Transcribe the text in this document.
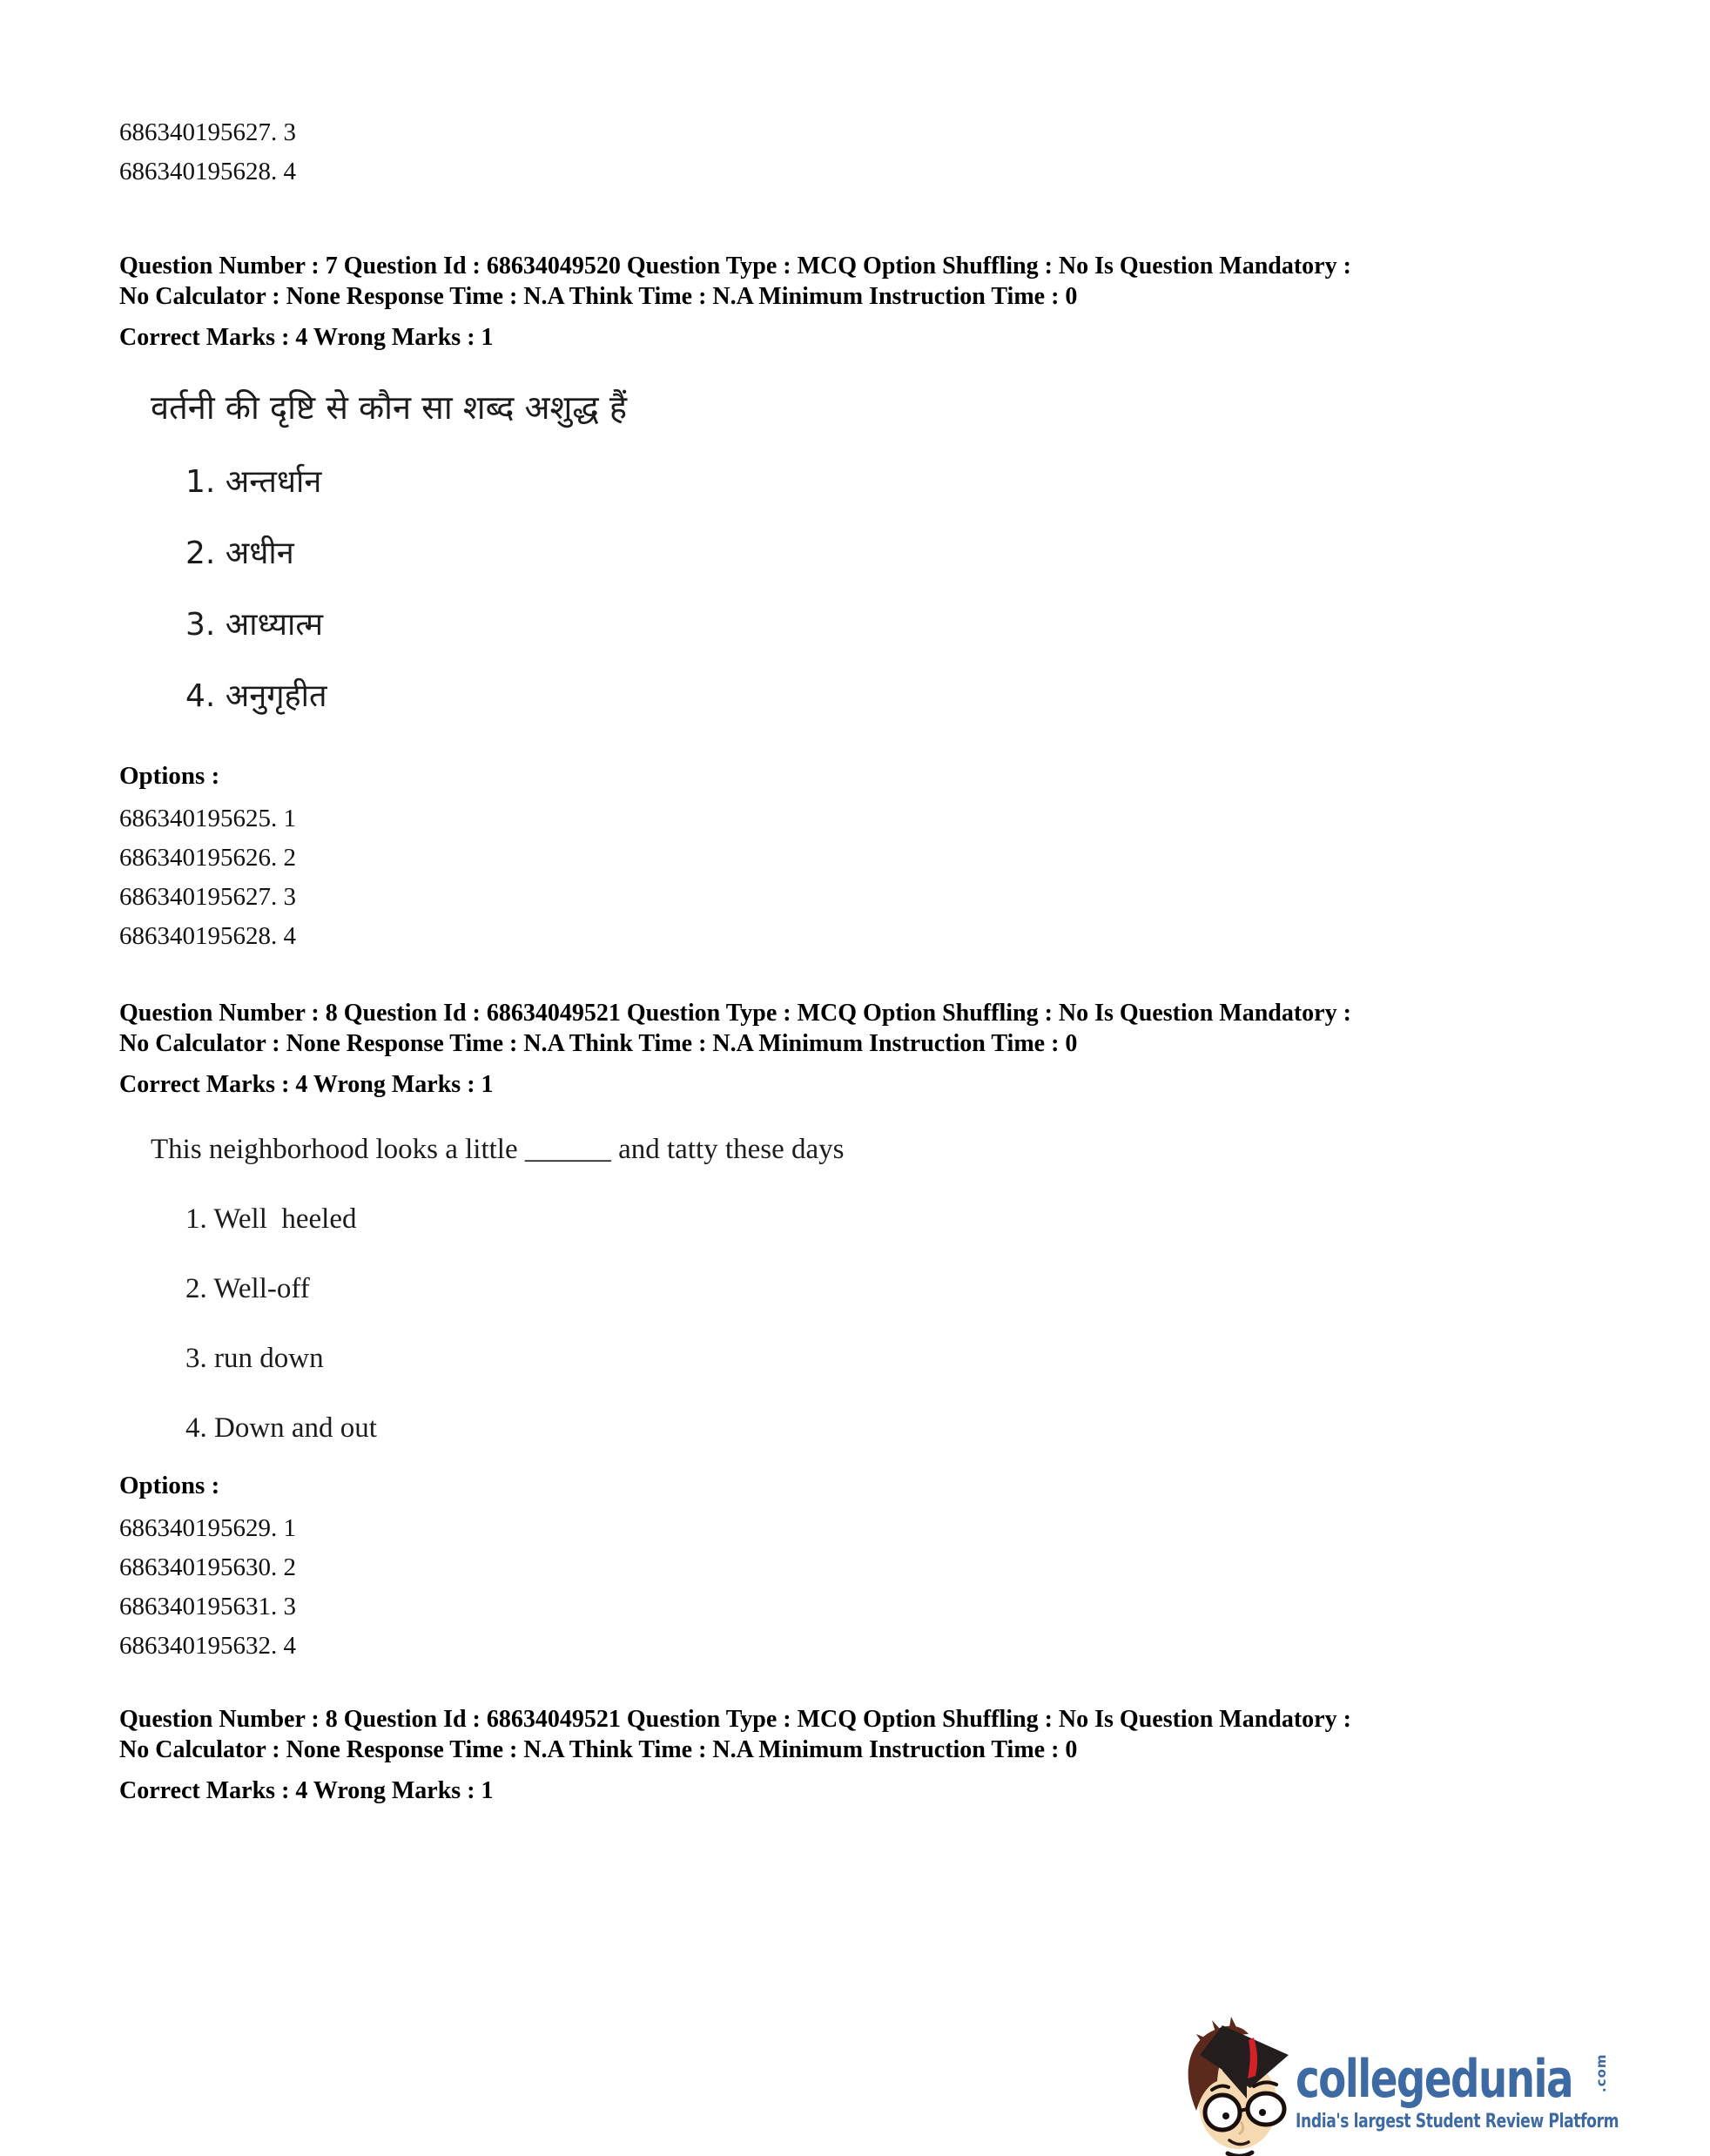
686340195627. 3

686340195628. 4

Question Number : 7 Question Id : 68634049520 Question Type : MCQ Option Shuffling : No Is Question Mandatory :
No Calculator : None Response Time : N.A Think Time : N.A Minimum Instruction Time : 0

Correct Marks : 4 Wrong Marks : 1

वर्तनी की दृष्टि से कौन सा शब्द अशुद्ध हैं

1. अन्तर्धान
2. अधीन
3. आध्यात्म
4. अनुगृहीत

Options :

686340195625. 1

686340195626. 2

686340195627. 3

686340195628. 4

Question Number : 8 Question Id : 68634049521 Question Type : MCQ Option Shuffling : No Is Question Mandatory :
No Calculator : None Response Time : N.A Think Time : N.A Minimum Instruction Time : 0

Correct Marks : 4 Wrong Marks : 1

This neighborhood looks a little ______ and tatty these days

1. Well  heeled
2. Well-off
3. run down
4. Down and out

Options :

686340195629. 1

686340195630. 2

686340195631. 3

686340195632. 4

Question Number : 8 Question Id : 68634049521 Question Type : MCQ Option Shuffling : No Is Question Mandatory :
No Calculator : None Response Time : N.A Think Time : N.A Minimum Instruction Time : 0

Correct Marks : 4 Wrong Marks : 1

collegedunia .com
India's largest Student Review Platform
